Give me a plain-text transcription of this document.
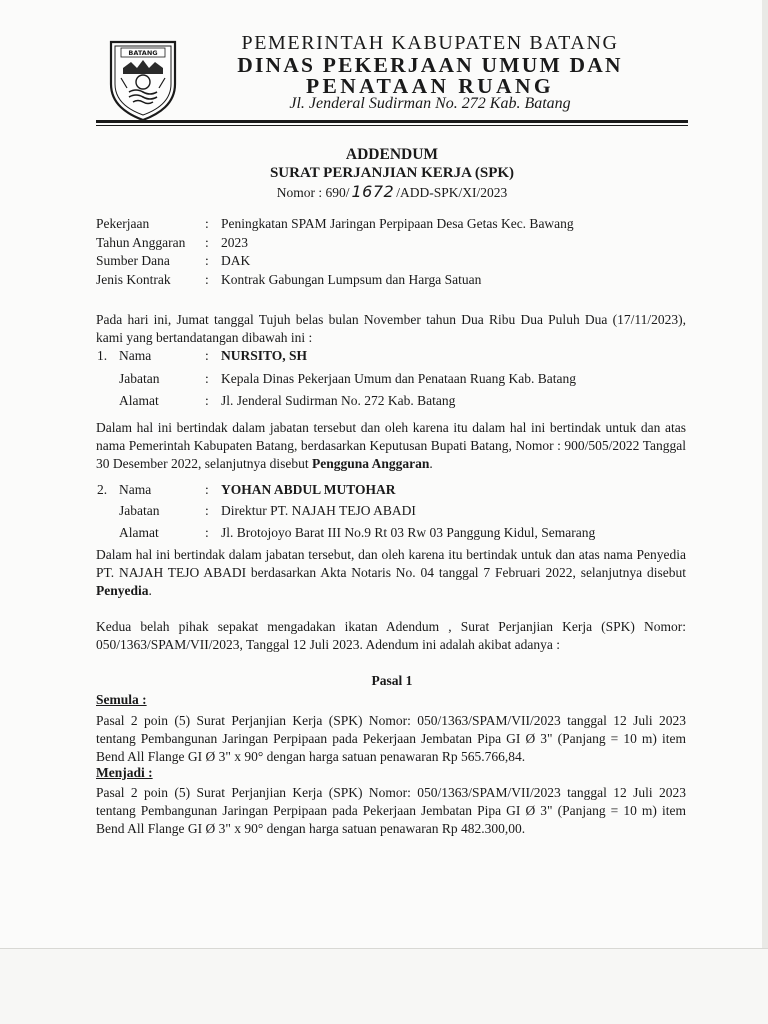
BATANG	PEMERINTAH KABUPATEN BATANG
DINAS PEKERJAAN UMUM DAN
PENATAAN RUANG
Jl. Jenderal Sudirman No. 272 Kab. Batang
ADDENDUM
SURAT PERJANJIAN KERJA (SPK)
Nomor : 690/ 1672 /ADD-SPK/XI/2023
Pekerjaan	: Peningkatan SPAM Jaringan Perpipaan Desa Getas Kec. Bawang
Tahun Anggaran : 2023
Sumber Dana	: DAK
Jenis Kontrak	: Kontrak Gabungan Lumpsum dan Harga Satuan
Pada hari ini, Jumat tanggal Tujuh belas bulan November tahun Dua Ribu Dua Puluh Dua (17/11/2023), kami yang bertandatangan dibawah ini :
1. Nama	: NURSITO, SH
Jabatan	: Kepala Dinas Pekerjaan Umum dan Penataan Ruang Kab. Batang
Alamat	: Jl. Jenderal Sudirman No. 272 Kab. Batang
Dalam hal ini bertindak dalam jabatan tersebut dan oleh karena itu dalam hal ini bertindak untuk dan atas nama Pemerintah Kabupaten Batang, berdasarkan Keputusan Bupati Batang, Nomor : 900/505/2022 Tanggal 30 Desember 2022, selanjutnya disebut Pengguna Anggaran.
2. Nama	: YOHAN ABDUL MUTOHAR
Jabatan	: Direktur PT. NAJAH TEJO ABADI
Alamat	: Jl. Brotojoyo Barat III No.9 Rt 03 Rw 03 Panggung Kidul, Semarang
Dalam hal ini bertindak dalam jabatan tersebut, dan oleh karena itu bertindak untuk dan atas nama Penyedia PT. NAJAH TEJO ABADI berdasarkan Akta Notaris No. 04 tanggal 7 Februari 2022, selanjutnya disebut Penyedia.
Kedua belah pihak sepakat mengadakan ikatan Adendum , Surat Perjanjian Kerja (SPK) Nomor: 050/1363/SPAM/VII/2023, Tanggal 12 Juli 2023. Adendum ini adalah akibat adanya :
Pasal 1
Semula :
Pasal 2 poin (5) Surat Perjanjian Kerja (SPK) Nomor: 050/1363/SPAM/VII/2023 tanggal 12 Juli 2023 tentang Pembangunan Jaringan Perpipaan pada Pekerjaan Jembatan Pipa GI Ø 3" (Panjang = 10 m) item Bend All Flange GI Ø 3" x 90° dengan harga satuan penawaran Rp 565.766,84.
Menjadi :
Pasal 2 poin (5) Surat Perjanjian Kerja (SPK) Nomor: 050/1363/SPAM/VII/2023 tanggal 12 Juli 2023 tentang Pembangunan Jaringan Perpipaan pada Pekerjaan Jembatan Pipa GI Ø 3" (Panjang = 10 m) item Bend All Flange GI Ø 3" x 90° dengan harga satuan penawaran Rp 482.300,00.
